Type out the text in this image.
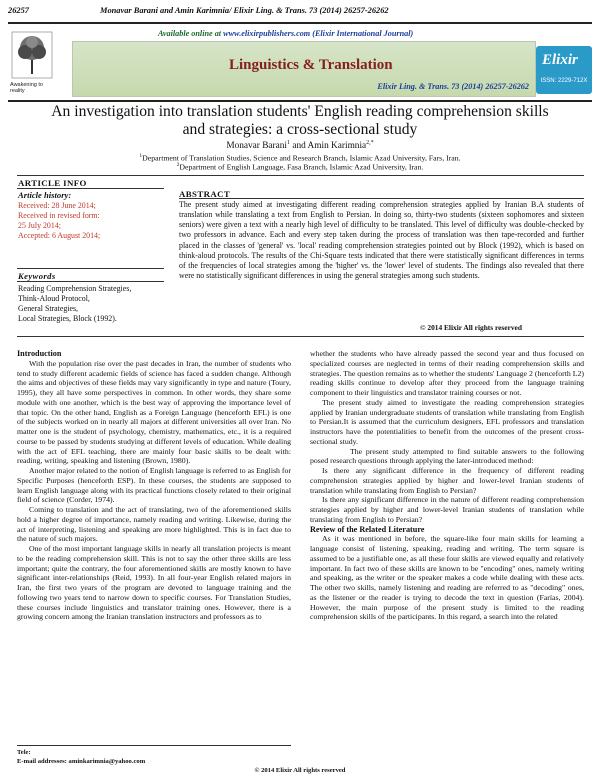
26257	Monavar Barani and Amin Karimnia/ Elixir Ling. & Trans. 73 (2014) 26257-26262
Awakening to reality
Available online at www.elixirpublishers.com (Elixir International Journal)
Linguistics & Translation
Elixir Ling. & Trans. 73 (2014) 26257-26262
Elixir
ISSN: 2229-712X
An investigation into translation students' English reading comprehension skills
and strategies: a cross-sectional study
Monavar Barani$^1$ and Amin Karimnia$^{2,*}$
$^1$Department of Translation Studies, Science and Research Branch, Islamic Azad University, Fars, Iran.
$^2$Department of English Language, Fasa Branch, Islamic Azad University, Iran.
ARTICLE INFO
Article history:
Received: 28 June 2014;
Received in revised form:
25 July 2014;
Accepted: 6 August 2014;
Keywords
Reading Comprehension Strategies,
Think-Aloud Protocol,
General Strategies,
Local Strategies, Block (1992).
ABSTRACT
The present study aimed at investigating different reading comprehension strategies applied by Iranian B.A students of translation while translating a text from English to Persian. In doing so, thirty-two students (sixteen sophomores and sixteen seniors) were given a text with a nearly high level of difficulty to be translated. This level of difficulty was double-checked by two professors in advance. Each and every step taken during the process of translation was then tape-recorded and further placed in the classes of 'general' vs. 'local' reading comprehension strategies pointed out by Block (1992), which is based on think-aloud protocols. The results of the Chi-Square tests indicated that there were statistically significant differences in terms of the frequencies of local strategies among the 'higher' vs. the 'lower' level of students. The findings also revealed that there were no statistically significant differences in using the general strategies among such students.
© 2014 Elixir All rights reserved
Introduction

With the population rise over the past decades in Iran, the number of students who tend to study different academic fields of science has faced a sudden change. Although the aims and objectives of these fields may vary significantly in type and nature (Toury, 1995), they all have some perspectives in common. In other words, they share some module with one another, which is the best way of approving the importance level of that topic. On the other hand, English as a Foreign Language (henceforth EFL) is one of the subjects worked on in nearly all majors at different universities all over Iran. No matter one is the student of psychology, chemistry, mathematics, etc., it is a required course to be passed by students studying at different levels of education. While dealing with the act of EFL teaching, there are mainly four basic skills to be dealt with: reading, writing, speaking and listening (Brown, 1980).

Another major related to the notion of English language is referred to as English for Specific Purposes (henceforth ESP). In these courses, the students are supposed to learn English language along with its practical functions closely related to their original field of science (Corder, 1974).

Coming to translation and the act of translating, two of the aforementioned skills hold a higher degree of importance, namely reading and writing. Likewise, during the act of interpreting, listening and speaking are more highlighted. This is in fact due to the nature of such majors.

One of the most important language skills in nearly all translation projects is meant to be the reading comprehension skill. This is not to say the other three skills are less important; quite the contrary, the four aforementioned skills are mostly known to have significant inter-relationships (Reid, 1993). In all four-year English related majors in Iran, the first two years of the program are devoted to language training and the following two years tend to narrow down to specific courses. For Translation Studies, these courses include linguistics and translator training ones. However, there is a growing concern among the Iranian translation instructors and professors as to

whether the students who have already passed the second year and thus focused on specialized courses are neglected in terms of their reading comprehension skills and strategies. The question remains as to whether the students' Language 2 (henceforth L2) reading skills continue to develop after they proceed from the language training component to their linguistics and translator training courses or not.

The present study aimed to investigate the reading comprehension strategies applied by Iranian undergraduate students of translation while translating from English to Persian.It is assumed that the curriculum designers, EFL professors and translation instructors have the potentialities to benefit from the outcomes of the present cross-sectional study.

The present study attempted to find suitable answers to the following posed research questions through applying the later-introduced method:

Is there any significant difference in the frequency of different reading comprehension strategies applied by higher and lower-level Iranian students of translation while translating from English to Persian?

Is there any significant difference in the nature of different reading comprehension strategies applied by higher and lower-level Iranian students of translation while translating from English to Persian?

Review of the Related Literature

As it was mentioned in before, the square-like four main skills for learning a language consist of listening, speaking, reading and writing. The term square is assumed to be a justifiable one, as all these four skills are viewed equally and relatively important. In fact two of these skills are known to be "encoding" ones, namely writing and speaking, as the writer or the speaker makes a code while dealing with these acts. The other two skills, namely listening and reading are referred to as "decoding" ones, as the listener or the reader is trying to decode the text in question (Farías, 2004). However, the main purpose of the present study is limited to the reading comprehension skills of the participants. In this regard, a search into the related

Tele:
E-mail addresses: aminkarimnia@yahoo.com
© 2014 Elixir All rights reserved
